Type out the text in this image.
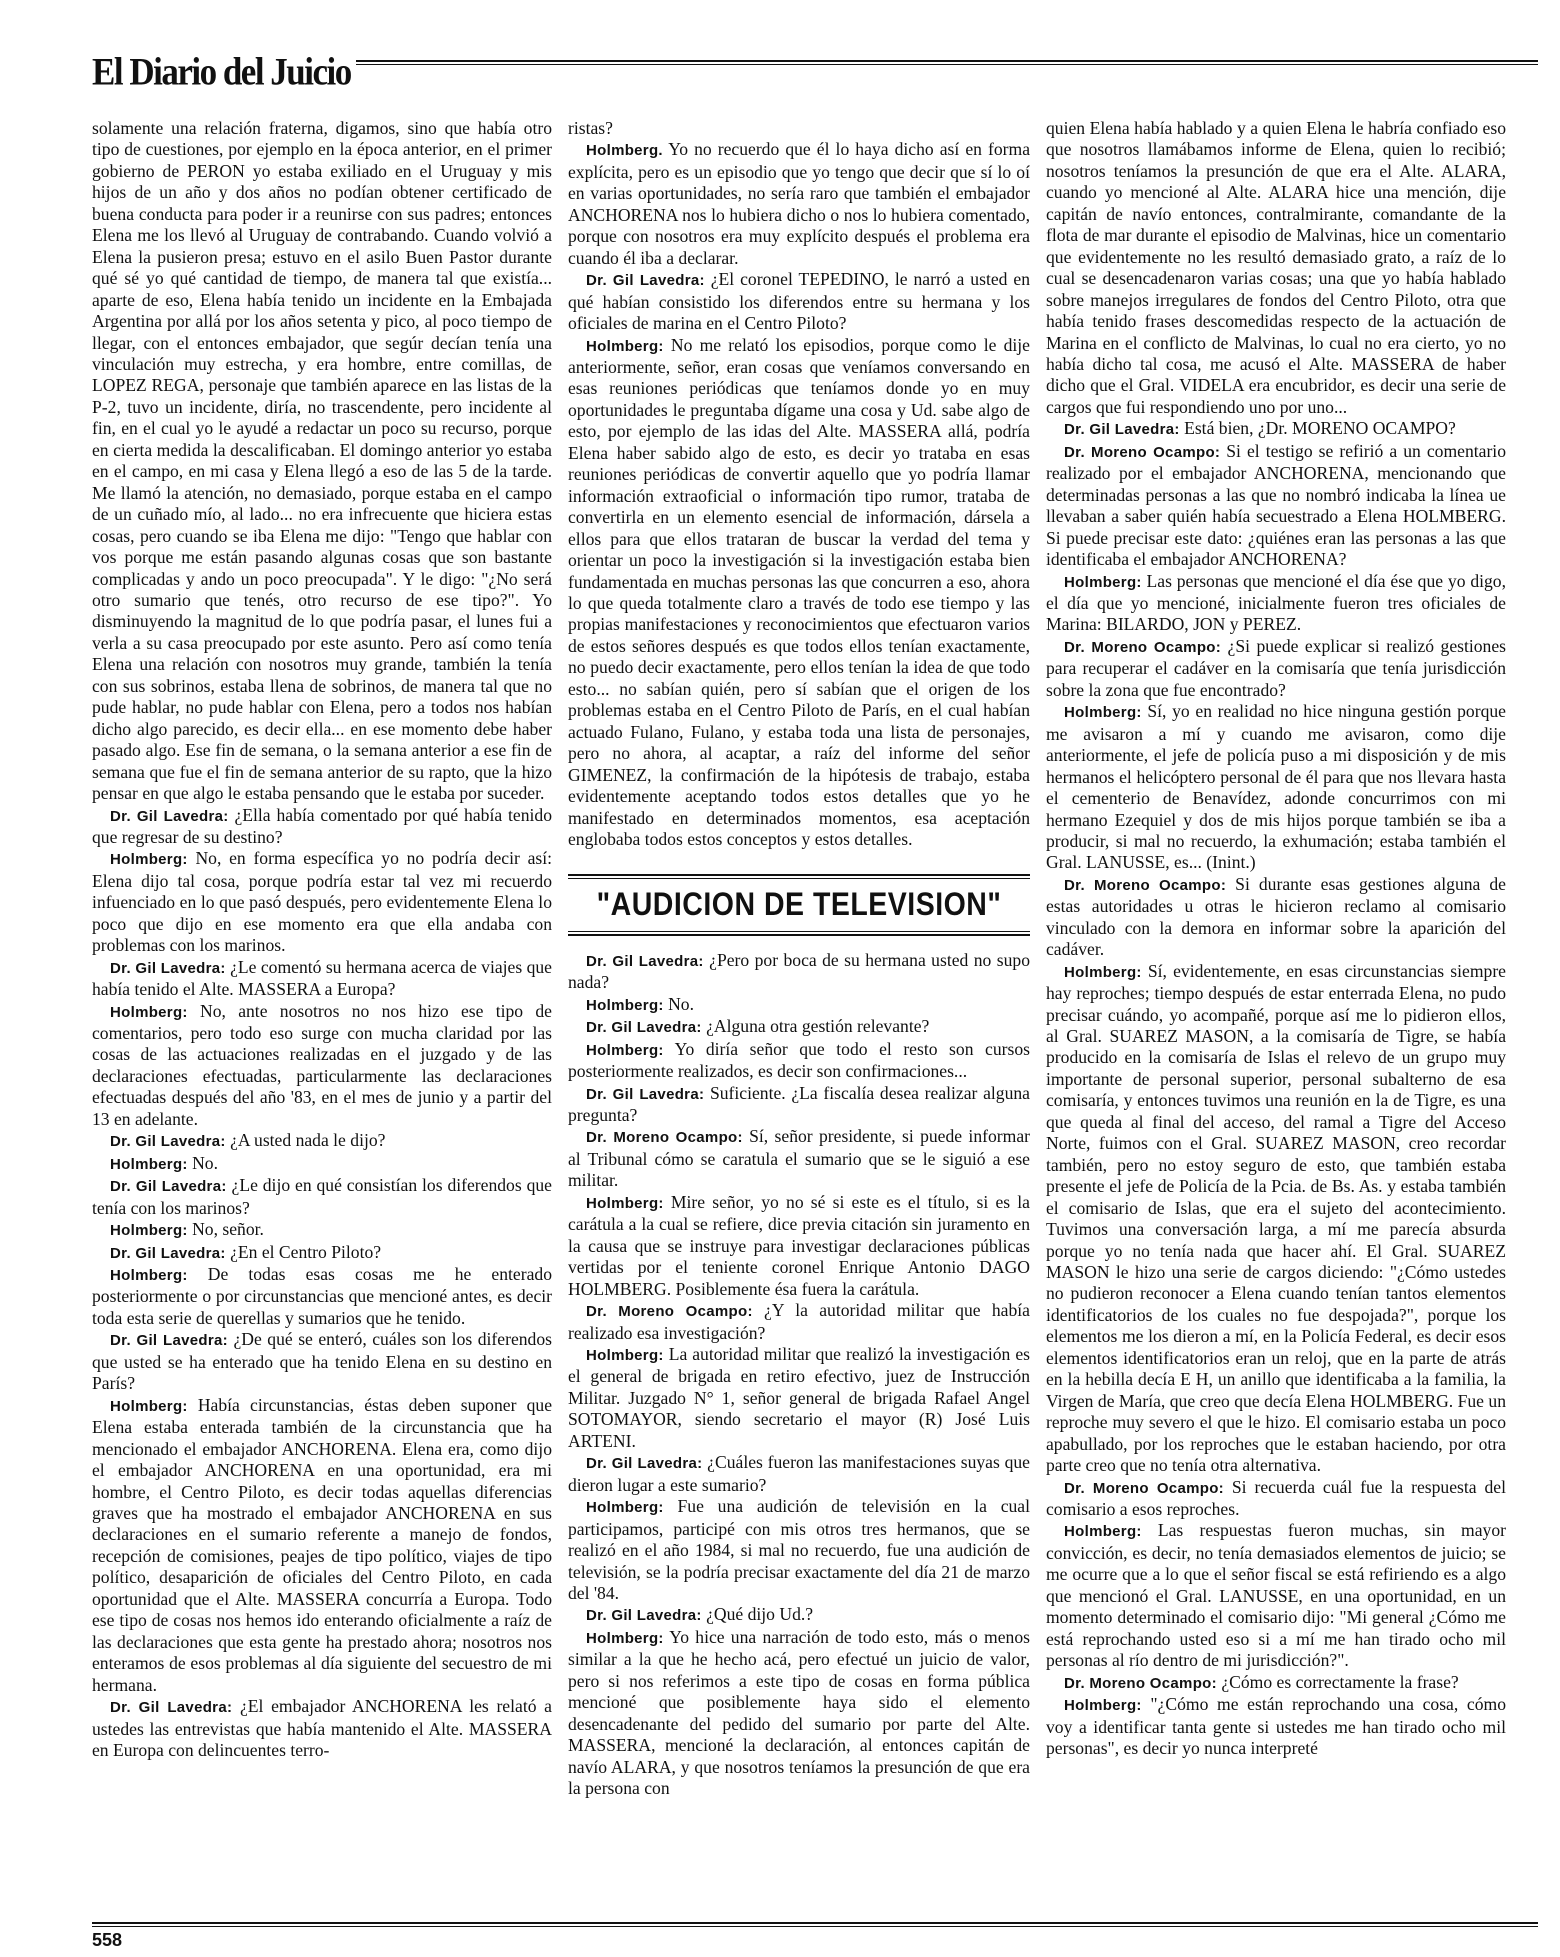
El Diario del Juicio

solamente una relación fraterna, digamos, sino que había otro tipo de cuestiones, por ejemplo en la época anterior, en el primer gobierno de PERON yo estaba exiliado en el Uruguay y mis hijos de un año y dos años no podían obtener certificado de buena conducta para poder ir a reunirse con sus padres; entonces Elena me los llevó al Uruguay de contrabando. Cuando volvió a Elena la pusieron presa; estuvo en el asilo Buen Pastor durante qué sé yo qué cantidad de tiempo, de manera tal que existía... aparte de eso, Elena había tenido un incidente en la Embajada Argentina por allá por los años setenta y pico, al poco tiempo de llegar, con el entonces embajador, que segúr decían tenía una vinculación muy estrecha, y era hombre, entre comillas, de LOPEZ REGA, personaje que también aparece en las listas de la P-2, tuvo un incidente, diría, no trascendente, pero incidente al fin, en el cual yo le ayudé a redactar un poco su recurso, porque en cierta medida la descalificaban. El domingo anterior yo estaba en el campo, en mi casa y Elena llegó a eso de las 5 de la tarde. Me llamó la atención, no demasiado, porque estaba en el campo de un cuñado mío, al lado... no era infrecuente que hiciera estas cosas, pero cuando se iba Elena me dijo: "Tengo que hablar con vos porque me están pasando algunas cosas que son bastante complicadas y ando un poco preocupada". Y le digo: "¿No será otro sumario que tenés, otro recurso de ese tipo?". Yo disminuyendo la magnitud de lo que podría pasar, el lunes fui a verla a su casa preocupado por este asunto. Pero así como tenía Elena una relación con nosotros muy grande, también la tenía con sus sobrinos, estaba llena de sobrinos, de manera tal que no pude hablar, no pude hablar con Elena, pero a todos nos habían dicho algo parecido, es decir ella... en ese momento debe haber pasado algo. Ese fin de semana, o la semana anterior a ese fin de semana que fue el fin de semana anterior de su rapto, que la hizo pensar en que algo le estaba pensando que le estaba por suceder.

Dr. Gil Lavedra: ¿Ella había comentado por qué había tenido que regresar de su destino?

Holmberg: No, en forma específica yo no podría decir así: Elena dijo tal cosa, porque podría estar tal vez mi recuerdo infuenciado en lo que pasó después, pero evidentemente Elena lo poco que dijo en ese momento era que ella andaba con problemas con los marinos.

Dr. Gil Lavedra: ¿Le comentó su hermana acerca de viajes que había tenido el Alte. MASSERA a Europa?

Holmberg: No, ante nosotros no nos hizo ese tipo de comentarios, pero todo eso surge con mucha claridad por las cosas de las actuaciones realizadas en el juzgado y de las declaraciones efectuadas, particularmente las declaraciones efectuadas después del año '83, en el mes de junio y a partir del 13 en adelante.

Dr. Gil Lavedra: ¿A usted nada le dijo?

Holmberg: No.

Dr. Gil Lavedra: ¿Le dijo en qué consistían los diferendos que tenía con los marinos?

Holmberg: No, señor.

Dr. Gil Lavedra: ¿En el Centro Piloto?

Holmberg: De todas esas cosas me he enterado posteriormente o por circunstancias que mencioné antes, es decir toda esta serie de querellas y sumarios que he tenido.

Dr. Gil Lavedra: ¿De qué se enteró, cuáles son los diferendos que usted se ha enterado que ha tenido Elena en su destino en París?

Holmberg: Había circunstancias, éstas deben suponer que Elena estaba enterada también de la circunstancia que ha mencionado el embajador ANCHORENA. Elena era, como dijo el embajador ANCHORENA en una oportunidad, era mi hombre, el Centro Piloto, es decir todas aquellas diferencias graves que ha mostrado el embajador ANCHORENA en sus declaraciones en el sumario referente a manejo de fondos, recepción de comisiones, peajes de tipo político, viajes de tipo político, desaparición de oficiales del Centro Piloto, en cada oportunidad que el Alte. MASSERA concurría a Europa. Todo ese tipo de cosas nos hemos ido enterando oficialmente a raíz de las declaraciones que esta gente ha prestado ahora; nosotros nos enteramos de esos problemas al día siguiente del secuestro de mi hermana.

Dr. Gil Lavedra: ¿El embajador ANCHORENA les relató a ustedes las entrevistas que había mantenido el Alte. MASSERA en Europa con delincuentes terro-

ristas?

Holmberg. Yo no recuerdo que él lo haya dicho así en forma explícita, pero es un episodio que yo tengo que decir que sí lo oí en varias oportunidades, no sería raro que también el embajador ANCHORENA nos lo hubiera dicho o nos lo hubiera comentado, porque con nosotros era muy explícito después el problema era cuando él iba a declarar.

Dr. Gil Lavedra: ¿El coronel TEPEDINO, le narró a usted en qué habían consistido los diferendos entre su hermana y los oficiales de marina en el Centro Piloto?

Holmberg: No me relató los episodios, porque como le dije anteriormente, señor, eran cosas que veníamos conversando en esas reuniones periódicas que teníamos donde yo en muy oportunidades le preguntaba dígame una cosa y Ud. sabe algo de esto, por ejemplo de las idas del Alte. MASSERA allá, podría Elena haber sabido algo de esto, es decir yo trataba en esas reuniones periódicas de convertir aquello que yo podría llamar información extraoficial o información tipo rumor, trataba de convertirla en un elemento esencial de información, dársela a ellos para que ellos trataran de buscar la verdad del tema y orientar un poco la investigación si la investigación estaba bien fundamentada en muchas personas las que concurren a eso, ahora lo que queda totalmente claro a través de todo ese tiempo y las propias manifestaciones y reconocimientos que efectuaron varios de estos señores después es que todos ellos tenían exactamente, no puedo decir exactamente, pero ellos tenían la idea de que todo esto... no sabían quién, pero sí sabían que el origen de los problemas estaba en el Centro Piloto de París, en el cual habían actuado Fulano, Fulano, y estaba toda una lista de personajes, pero no ahora, al acaptar, a raíz del informe del señor GIMENEZ, la confirmación de la hipótesis de trabajo, estaba evidentemente aceptando todos estos detalles que yo he manifestado en determinados momentos, esa aceptación englobaba todos estos conceptos y estos detalles.

"AUDICION DE TELEVISION"

Dr. Gil Lavedra: ¿Pero por boca de su hermana usted no supo nada?

Holmberg: No.

Dr. Gil Lavedra: ¿Alguna otra gestión relevante?

Holmberg: Yo diría señor que todo el resto son cursos posteriormente realizados, es decir son confirmaciones...

Dr. Gil Lavedra: Suficiente. ¿La fiscalía desea realizar alguna pregunta?

Dr. Moreno Ocampo: Sí, señor presidente, si puede informar al Tribunal cómo se caratula el sumario que se le siguió a ese militar.

Holmberg: Mire señor, yo no sé si este es el título, si es la carátula a la cual se refiere, dice previa citación sin juramento en la causa que se instruye para investigar declaraciones públicas vertidas por el teniente coronel Enrique Antonio DAGO HOLMBERG. Posiblemente ésa fuera la carátula.

Dr. Moreno Ocampo: ¿Y la autoridad militar que había realizado esa investigación?

Holmberg: La autoridad militar que realizó la investigación es el general de brigada en retiro efectivo, juez de Instrucción Militar. Juzgado N° 1, señor general de brigada Rafael Angel SOTOMAYOR, siendo secretario el mayor (R) José Luis ARTENI.

Dr. Gil Lavedra: ¿Cuáles fueron las manifestaciones suyas que dieron lugar a este sumario?

Holmberg: Fue una audición de televisión en la cual participamos, participé con mis otros tres hermanos, que se realizó en el año 1984, si mal no recuerdo, fue una audición de televisión, se la podría precisar exactamente del día 21 de marzo del '84.

Dr. Gil Lavedra: ¿Qué dijo Ud.?

Holmberg: Yo hice una narración de todo esto, más o menos similar a la que he hecho acá, pero efectué un juicio de valor, pero si nos referimos a este tipo de cosas en forma pública mencioné que posiblemente haya sido el elemento desencadenante del pedido del sumario por parte del Alte. MASSERA, mencioné la declaración, al entonces capitán de navío ALARA, y que nosotros teníamos la presunción de que era la persona con

quien Elena había hablado y a quien Elena le habría confiado eso que nosotros llamábamos informe de Elena, quien lo recibió; nosotros teníamos la presunción de que era el Alte. ALARA, cuando yo mencioné al Alte. ALARA hice una mención, dije capitán de navío entonces, contralmirante, comandante de la flota de mar durante el episodio de Malvinas, hice un comentario que evidentemente no les resultó demasiado grato, a raíz de lo cual se desencadenaron varias cosas; una que yo había hablado sobre manejos irregulares de fondos del Centro Piloto, otra que había tenido frases descomedidas respecto de la actuación de Marina en el conflicto de Malvinas, lo cual no era cierto, yo no había dicho tal cosa, me acusó el Alte. MASSERA de haber dicho que el Gral. VIDELA era encubridor, es decir una serie de cargos que fui respondiendo uno por uno...

Dr. Gil Lavedra: Está bien, ¿Dr. MORENO OCAMPO?

Dr. Moreno Ocampo: Si el testigo se refirió a un comentario realizado por el embajador ANCHORENA, mencionando que determinadas personas a las que no nombró indicaba la línea ue llevaban a saber quién había secuestrado a Elena HOLMBERG. Si puede precisar este dato: ¿quiénes eran las personas a las que identificaba el embajador ANCHORENA?

Holmberg: Las personas que mencioné el día ése que yo digo, el día que yo mencioné, inicialmente fueron tres oficiales de Marina: BILARDO, JON y PEREZ.

Dr. Moreno Ocampo: ¿Si puede explicar si realizó gestiones para recuperar el cadáver en la comisaría que tenía jurisdicción sobre la zona que fue encontrado?

Holmberg: Sí, yo en realidad no hice ninguna gestión porque me avisaron a mí y cuando me avisaron, como dije anteriormente, el jefe de policía puso a mi disposición y de mis hermanos el helicóptero personal de él para que nos llevara hasta el cementerio de Benavídez, adonde concurrimos con mi hermano Ezequiel y dos de mis hijos porque también se iba a producir, si mal no recuerdo, la exhumación; estaba también el Gral. LANUSSE, es... (Inint.)

Dr. Moreno Ocampo: Si durante esas gestiones alguna de estas autoridades u otras le hicieron reclamo al comisario vinculado con la demora en informar sobre la aparición del cadáver.

Holmberg: Sí, evidentemente, en esas circunstancias siempre hay reproches; tiempo después de estar enterrada Elena, no pudo precisar cuándo, yo acompañé, porque así me lo pidieron ellos, al Gral. SUAREZ MASON, a la comisaría de Tigre, se había producido en la comisaría de Islas el relevo de un grupo muy importante de personal superior, personal subalterno de esa comisaría, y entonces tuvimos una reunión en la de Tigre, es una que queda al final del acceso, del ramal a Tigre del Acceso Norte, fuimos con el Gral. SUAREZ MASON, creo recordar también, pero no estoy seguro de esto, que también estaba presente el jefe de Policía de la Pcia. de Bs. As. y estaba también el comisario de Islas, que era el sujeto del acontecimiento. Tuvimos una conversación larga, a mí me parecía absurda porque yo no tenía nada que hacer ahí. El Gral. SUAREZ MASON le hizo una serie de cargos diciendo: "¿Cómo ustedes no pudieron reconocer a Elena cuando tenían tantos elementos identificatorios de los cuales no fue despojada?", porque los elementos me los dieron a mí, en la Policía Federal, es decir esos elementos identificatorios eran un reloj, que en la parte de atrás en la hebilla decía E H, un anillo que identificaba a la familia, la Virgen de María, que creo que decía Elena HOLMBERG. Fue un reproche muy severo el que le hizo. El comisario estaba un poco apabullado, por los reproches que le estaban haciendo, por otra parte creo que no tenía otra alternativa.

Dr. Moreno Ocampo: Si recuerda cuál fue la respuesta del comisario a esos reproches.

Holmberg: Las respuestas fueron muchas, sin mayor convicción, es decir, no tenía demasiados elementos de juicio; se me ocurre que a lo que el señor fiscal se está refiriendo es a algo que mencionó el Gral. LANUSSE, en una oportunidad, en un momento determinado el comisario dijo: "Mi general ¿Cómo me está reprochando usted eso si a mí me han tirado ocho mil personas al río dentro de mi jurisdicción?".

Dr. Moreno Ocampo: ¿Cómo es correctamente la frase?

Holmberg: "¿Cómo me están reprochando una cosa, cómo voy a identificar tanta gente si ustedes me han tirado ocho mil personas", es decir yo nunca interpreté

558
